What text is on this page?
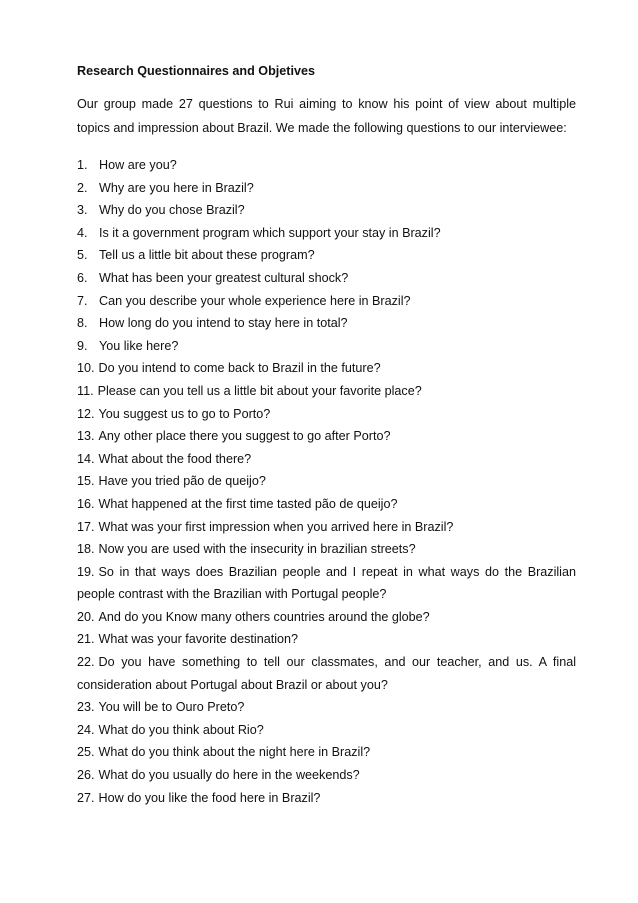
Research Questionnaires and Objetives

Our group made 27 questions to Rui aiming to know his point of view about multiple topics and impression about Brazil. We made the following questions to our interviewee:

1. How are you?
2. Why are you here in Brazil?
3. Why do you chose Brazil?
4. Is it a government program which support your stay in Brazil?
5. Tell us a little bit about these program?
6. What has been your greatest cultural shock?
7. Can you describe your whole experience here in Brazil?
8. How long do you intend to stay here in total?
9. You like here?
10. Do you intend to come back to Brazil in the future?
11. Please can you tell us a little bit about your favorite place?
12. You suggest us to go to Porto?
13. Any other place there you suggest to go after Porto?
14. What about the food there?
15. Have you tried pão de queijo?
16. What happened at the first time tasted pão de queijo?
17. What was your first impression when you arrived here in Brazil?
18. Now you are used with the insecurity in brazilian streets?
19. So in that ways does Brazilian people and I repeat in what ways do the Brazilian people contrast with the Brazilian with Portugal people?
20. And do you Know many others countries around the globe?
21. What was your favorite destination?
22. Do you have something to tell our classmates, and our teacher, and us. A final consideration about Portugal about Brazil or about you?
23. You will be to Ouro Preto?
24. What do you think about Rio?
25. What do you think about the night here in Brazil?
26. What do you usually do here in the weekends?
27. How do you like the food here in Brazil?
